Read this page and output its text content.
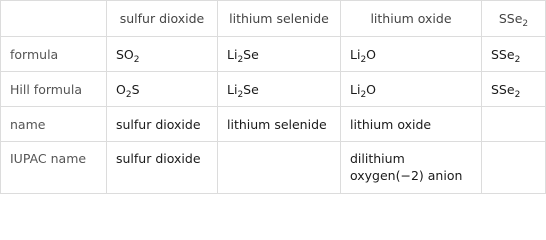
	sulfur dioxide	lithium selenide	lithium oxide	SSe$_2$
formula	$SO_2$	$Li_2Se$	$Li_2O$	SSe$_2$
Hill formula	$O_2S$	$Li_2Se$	$Li_2O$	SSe$_2$
name	sulfur dioxide	lithium selenide	lithium oxide	
IUPAC name	sulfur dioxide		dilithium oxygen(−2) anion	
